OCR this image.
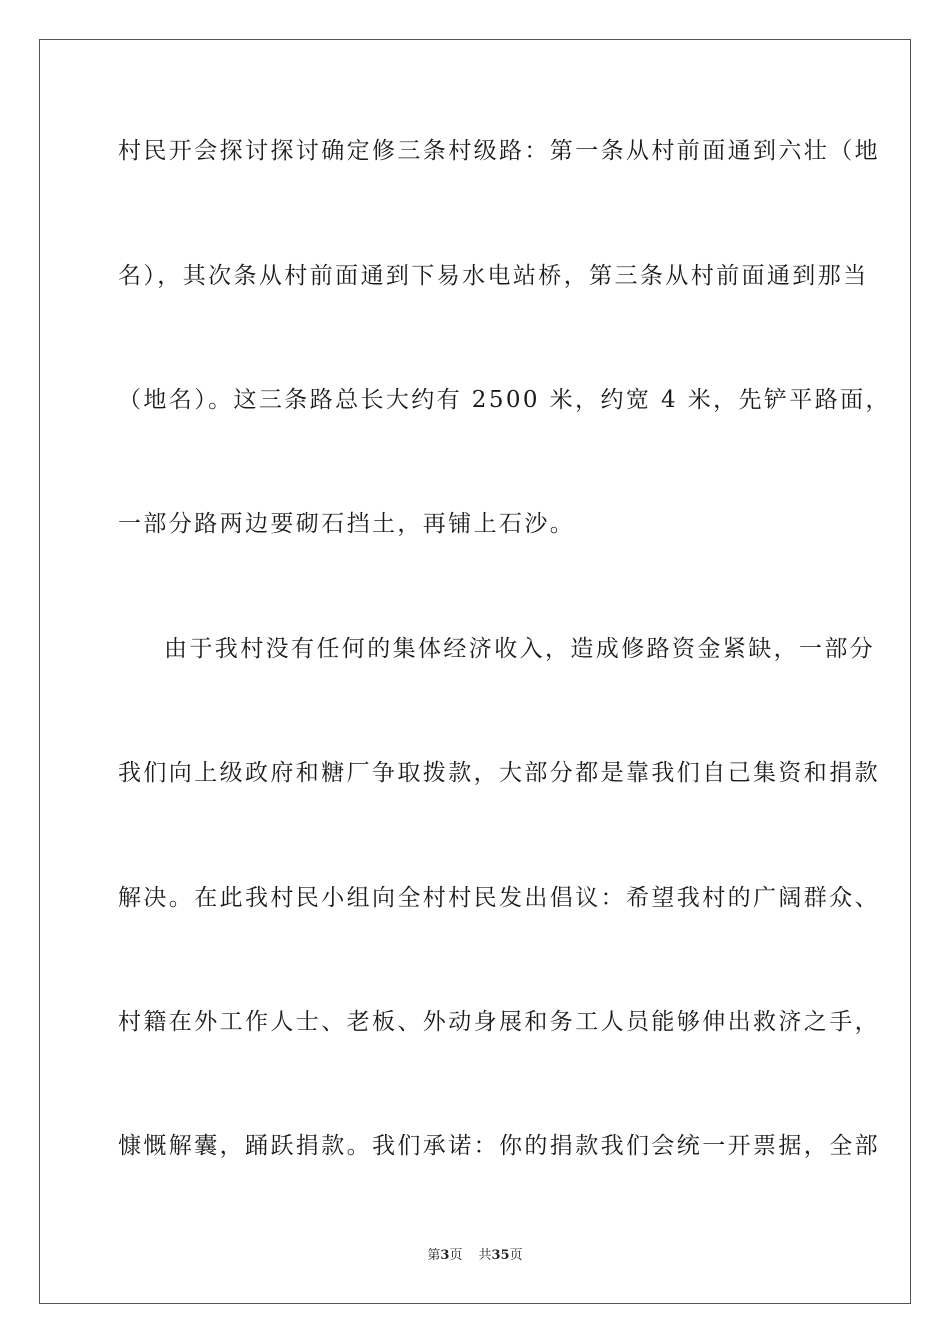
村民开会探讨探讨确定修三条村级路：第一条从村前面通到六壮（地
名），其次条从村前面通到下易水电站桥，第三条从村前面通到那当
（地名）。这三条路总长大约有 2500 米，约宽 4 米，先铲平路面，
一部分路两边要砌石挡土，再铺上石沙。
由于我村没有任何的集体经济收入，造成修路资金紧缺，一部分
我们向上级政府和糖厂争取拨款，大部分都是靠我们自己集资和捐款
解决。在此我村民小组向全村村民发出倡议：希望我村的广阔群众、
村籍在外工作人士、老板、外动身展和务工人员能够伸出救济之手，
慷慨解囊，踊跃捐款。我们承诺：你的捐款我们会统一开票据，全部
第3页 共35页
